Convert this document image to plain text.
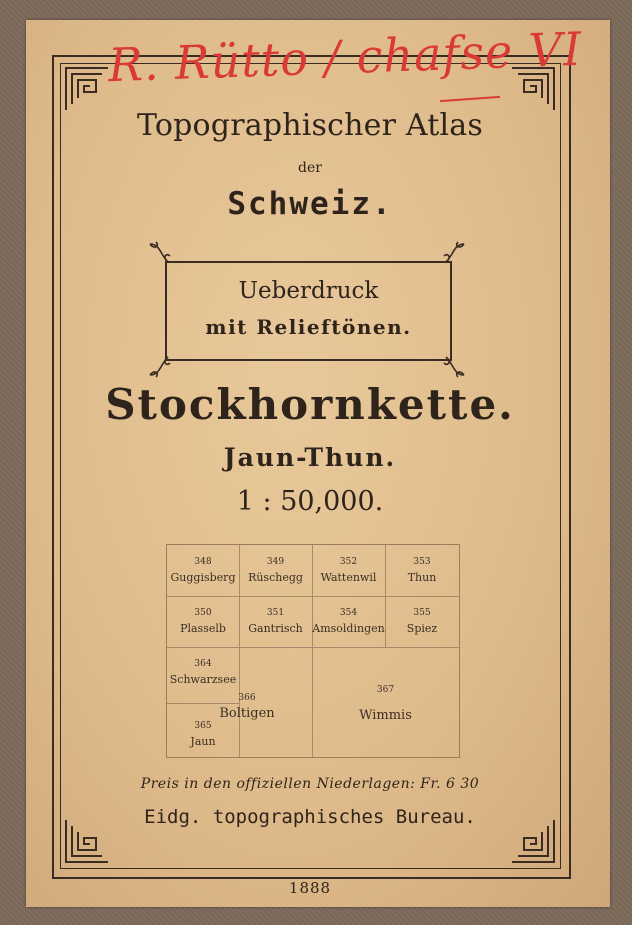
R. Rütto / chafse VI
Topographischer Atlas
der
Schweiz.
Ueberdruck
mit Relieftönen.
Stockhornkette.
Jaun-Thun.
1 : 50,000.
348
Guggisberg
349
Rüschegg
352
Wattenwil
353
Thun
350
Plasselb
351
Gantrisch
354
Amsoldingen
355
Spiez
364
Schwarzsee
366
Boltigen
365
Jaun
367
Wimmis
Preis in den offiziellen Niederlagen: Fr. 6 30
Eidg. topographisches Bureau.
1888
